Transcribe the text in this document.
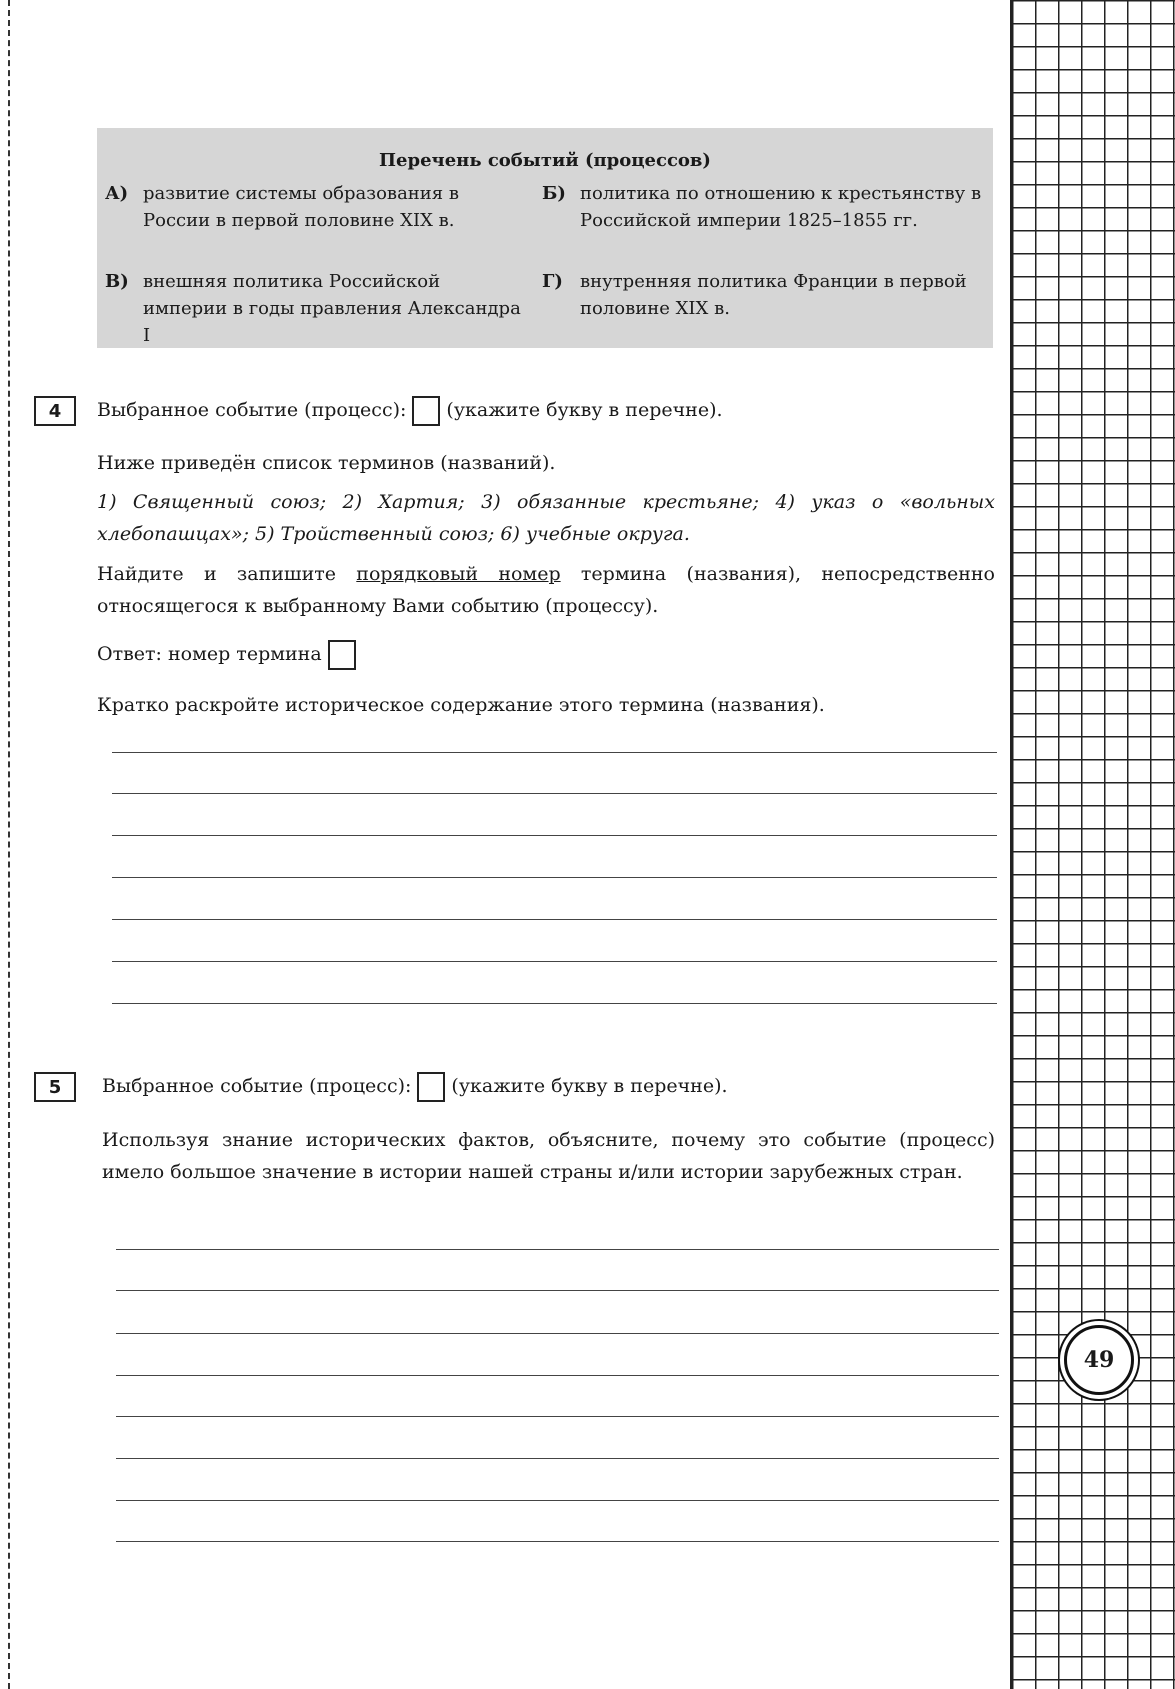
49
Перечень событий (процессов)
А) развитие системы образования в России в первой половине XIX в.
Б) политика по отношению к крестьянству в Российской империи 1825–1855 гг.
В) внешняя политика Российской империи в годы правления Александра I
Г) внутренняя политика Франции в первой половине XIX в.
4	Выбранное событие (процесс): (укажите букву в перечне).
Ниже приведён список терминов (названий).
1) Священный союз; 2) Хартия; 3) обязанные крестьяне; 4) указ о «вольных хлебопашцах»; 5) Тройственный союз; 6) учебные округа.
Найдите и запишите порядковый номер термина (названия), непосредственно относящегося к выбранному Вами событию (процессу).
Ответ: номер термина
Кратко раскройте историческое содержание этого термина (названия).
5	Выбранное событие (процесс): (укажите букву в перечне).
Используя знание исторических фактов, объясните, почему это событие (процесс) имело большое значение в истории нашей страны и/или истории зарубежных стран.
